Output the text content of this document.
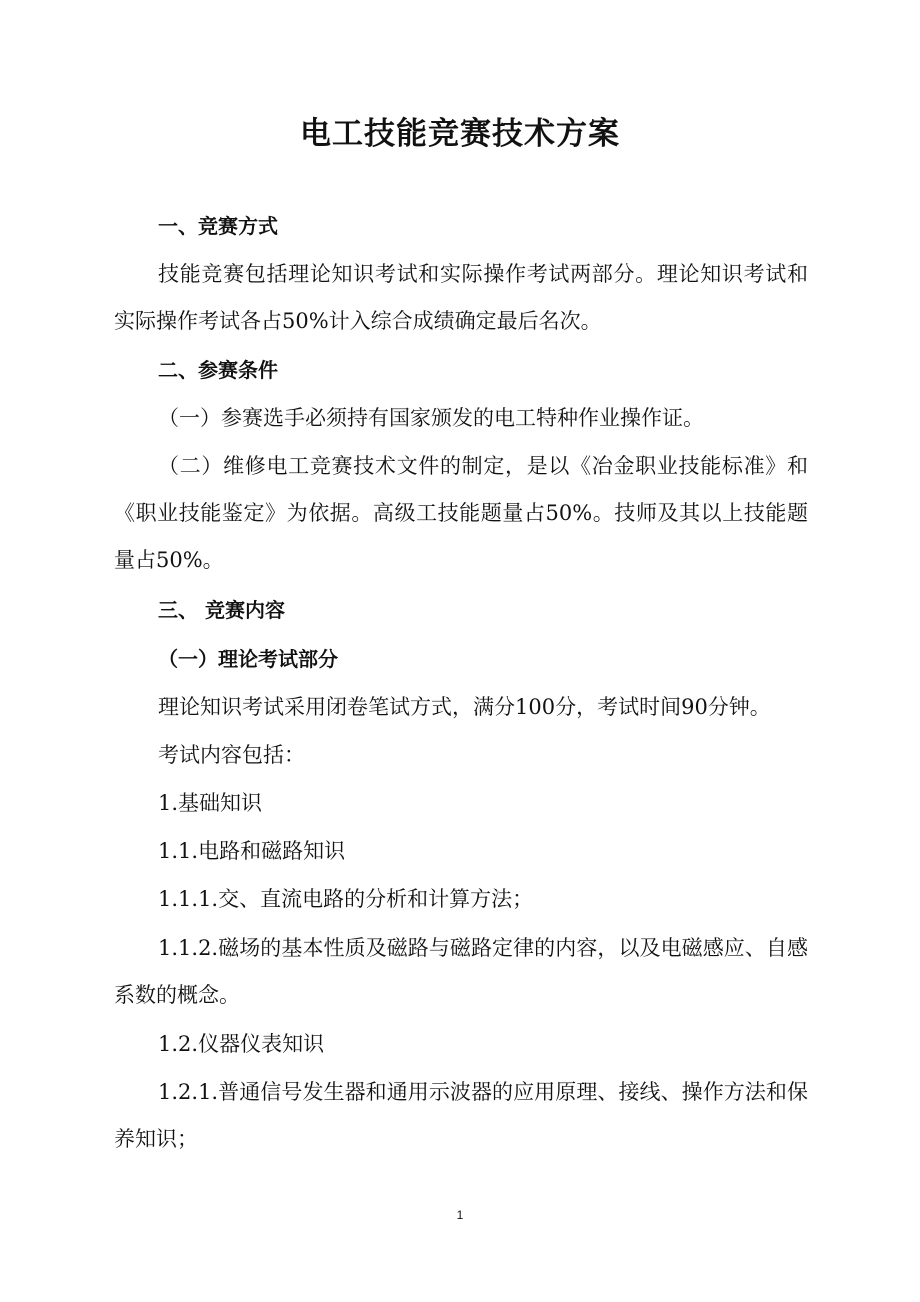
电工技能竞赛技术方案

一、竞赛方式

技能竞赛包括理论知识考试和实际操作考试两部分。理论知识考试和实际操作考试各占50%计入综合成绩确定最后名次。

二、参赛条件

（一）参赛选手必须持有国家颁发的电工特种作业操作证。

（二）维修电工竞赛技术文件的制定，是以《冶金职业技能标准》和《职业技能鉴定》为依据。高级工技能题量占50%。技师及其以上技能题量占50%。

三、 竞赛内容

（一）理论考试部分

理论知识考试采用闭卷笔试方式，满分100分，考试时间90分钟。

考试内容包括：

1.基础知识

1.1.电路和磁路知识

1.1.1.交、直流电路的分析和计算方法；

1.1.2.磁场的基本性质及磁路与磁路定律的内容，以及电磁感应、自感系数的概念。

1.2.仪器仪表知识

1.2.1.普通信号发生器和通用示波器的应用原理、接线、操作方法和保养知识；

1
